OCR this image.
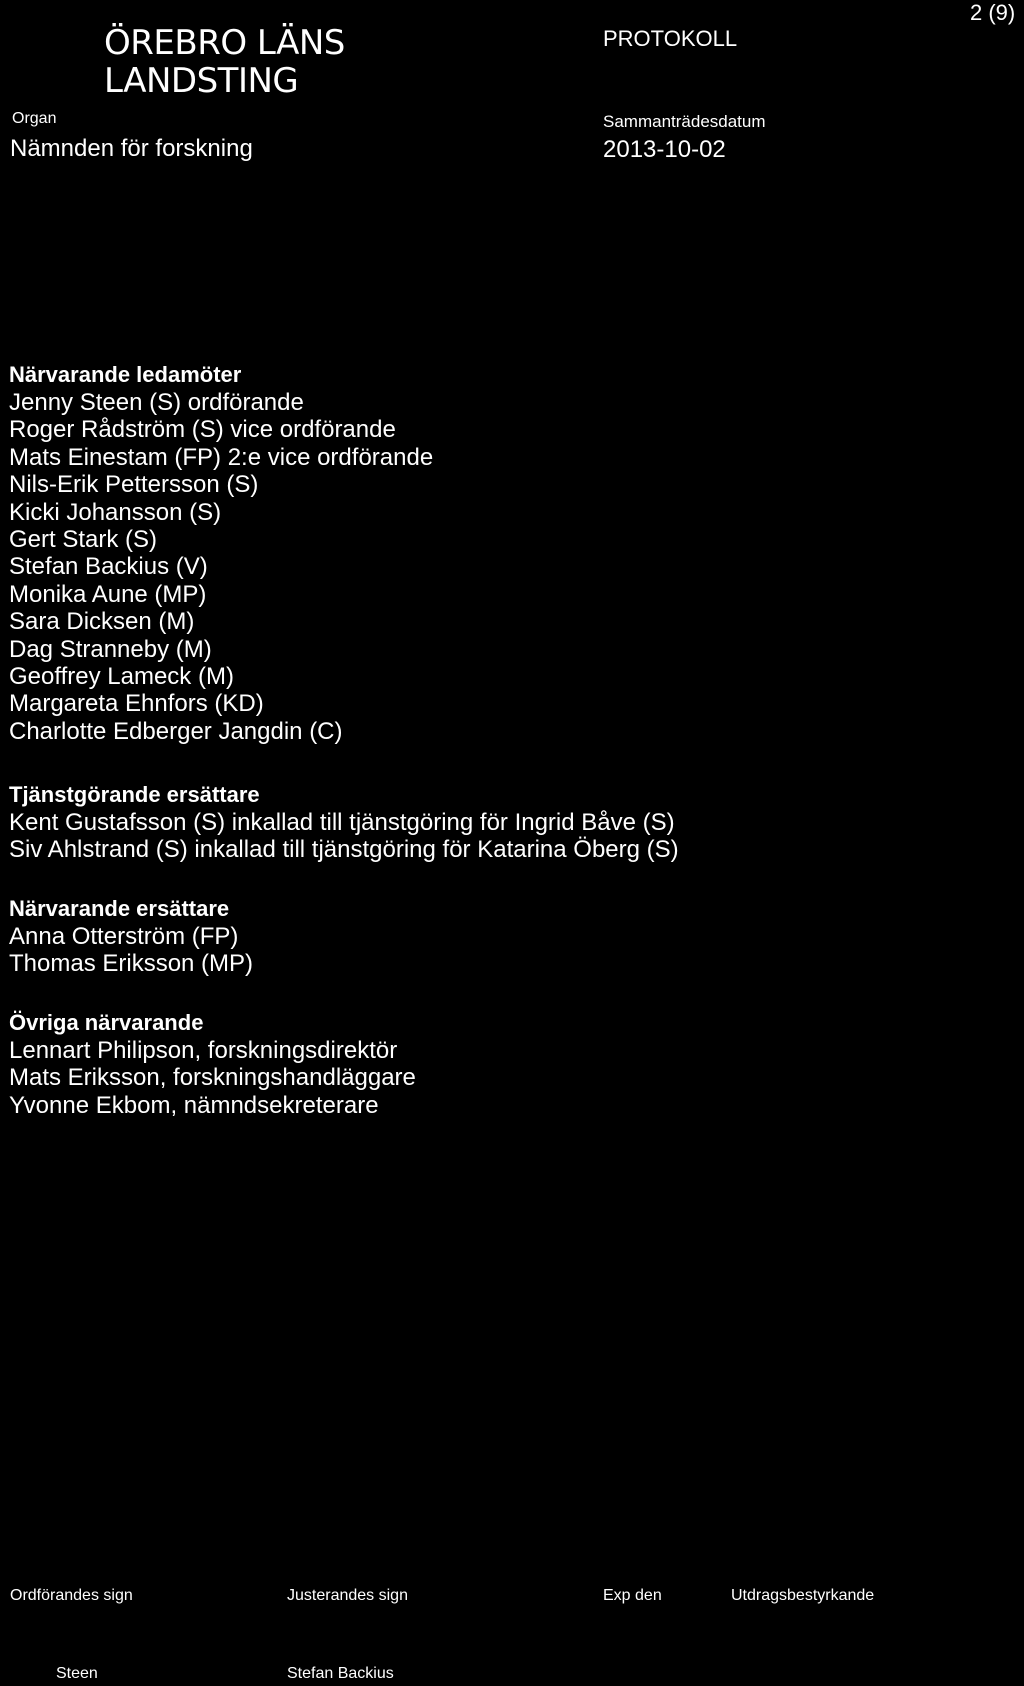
ÖREBRO LÄNS
LANDSTING
PROTOKOLL
2 (9)
Organ
Nämnden för forskning
Sammanträdesdatum
2013-10-02
Närvarande ledamöter
Jenny Steen (S) ordförande
Roger Rådström (S) vice ordförande
Mats Einestam (FP) 2:e vice ordförande
Nils-Erik Pettersson (S)
Kicki Johansson (S)
Gert Stark (S)
Stefan Backius (V)
Monika Aune (MP)
Sara Dicksen (M)
Dag Stranneby (M)
Geoffrey Lameck (M)
Margareta Ehnfors (KD)
Charlotte Edberger Jangdin (C)
Tjänstgörande ersättare
Kent Gustafsson (S) inkallad till tjänstgöring för Ingrid Båve (S)
Siv Ahlstrand (S) inkallad till tjänstgöring för Katarina Öberg (S)
Närvarande ersättare
Anna Otterström (FP)
Thomas Eriksson (MP)
Övriga närvarande
Lennart Philipson, forskningsdirektör
Mats Eriksson, forskningshandläggare
Yvonne Ekbom, nämndsekreterare
Ordförandes sign	Justerandes sign	Exp den	Utdragsbestyrkande
Steen	Stefan Backius
